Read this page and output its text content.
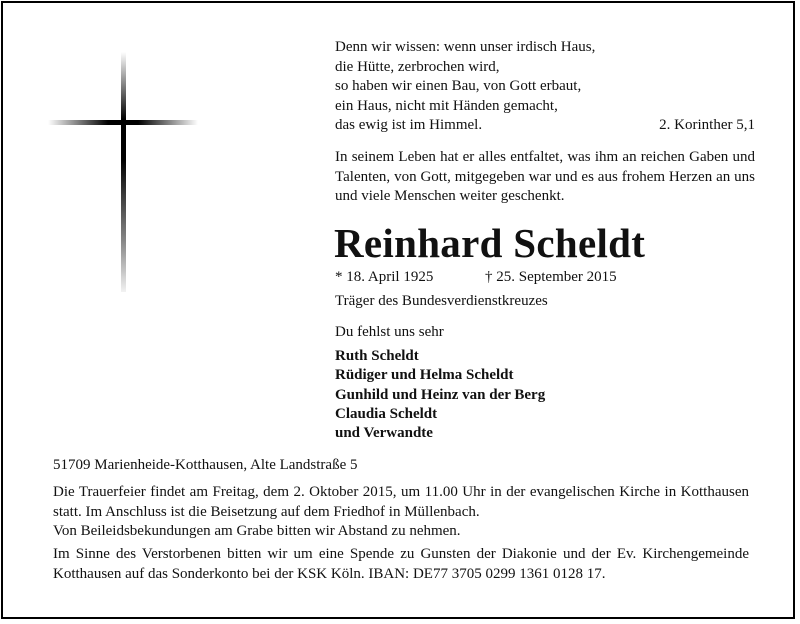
Denn wir wissen: wenn unser irdisch Haus,
die Hütte, zerbrochen wird,
so haben wir einen Bau, von Gott erbaut,
ein Haus, nicht mit Händen gemacht,
das ewig ist im Himmel.	2. Korinther 5,1
In seinem Leben hat er alles entfaltet, was ihm an reichen Gaben und Talenten, von Gott, mitgegeben war und es aus frohem Herzen an uns und viele Menschen weiter geschenkt.
Reinhard Scheldt
* 18. April 1925	† 25. September 2015
Träger des Bundesverdienstkreuzes
Du fehlst uns sehr
Ruth Scheldt
Rüdiger und Helma Scheldt
Gunhild und Heinz van der Berg
Claudia Scheldt
und Verwandte
51709 Marienheide-Kotthausen, Alte Landstraße 5

Die Trauerfeier findet am Freitag, dem 2. Oktober 2015, um 11.00 Uhr in der evangelischen Kirche in Kotthausen statt. Im Anschluss ist die Beisetzung auf dem Friedhof in Müllenbach.

Von Beileidsbekundungen am Grabe bitten wir Abstand zu nehmen.

Im Sinne des Verstorbenen bitten wir um eine Spende zu Gunsten der Diakonie und der Ev. Kirchengemeinde Kotthausen auf das Sonderkonto bei der KSK Köln. IBAN: DE77 3705 0299 1361 0128 17.
